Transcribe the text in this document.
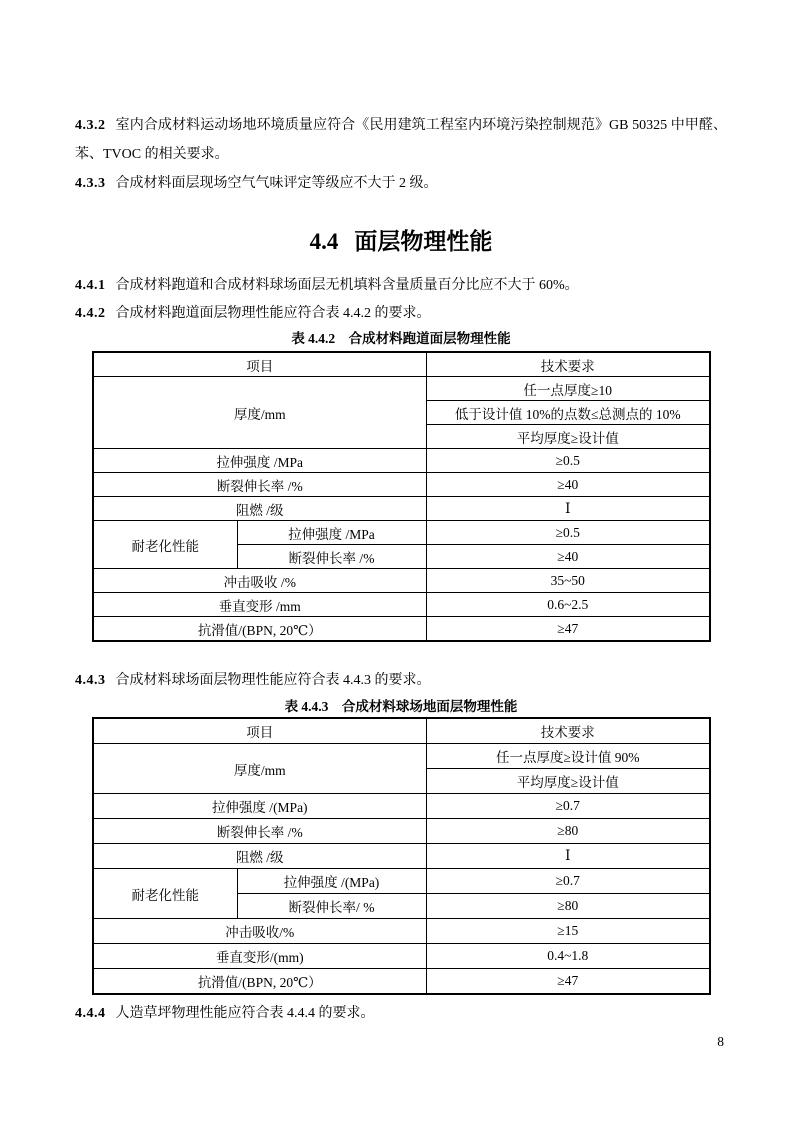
4.3.2 室内合成材料运动场地环境质量应符合《民用建筑工程室内环境污染控制规范》GB 50325 中甲醛、苯、TVOC 的相关要求。
4.3.3 合成材料面层现场空气气味评定等级应不大于 2 级。
4.4 面层物理性能
4.4.1 合成材料跑道和合成材料球场面层无机填料含量质量百分比应不大于 60%。
4.4.2 合成材料跑道面层物理性能应符合表 4.4.2 的要求。
表 4.4.2　合成材料跑道面层物理性能
项目		技术要求
厚度/mm		任一点厚度≥10
		低于设计值 10%的点数≤总测点的 10%
		平均厚度≥设计值
拉伸强度 /MPa		≥0.5
断裂伸长率 /%		≥40
阻燃 /级		Ⅰ
耐老化性能	拉伸强度 /MPa	≥0.5
	断裂伸长率 /%	≥40
冲击吸收 /%		35~50
垂直变形 /mm		0.6~2.5
抗滑值/(BPN, 20℃）		≥47
4.4.3 合成材料球场面层物理性能应符合表 4.4.3 的要求。
表 4.4.3　合成材料球场地面层物理性能
项目		技术要求
厚度/mm		任一点厚度≥设计值 90%
		平均厚度≥设计值
拉伸强度 /(MPa)		≥0.7
断裂伸长率 /%		≥80
阻燃 /级		Ⅰ
耐老化性能	拉伸强度 /(MPa)	≥0.7
	断裂伸长率/ %	≥80
冲击吸收/%		≥15
垂直变形/(mm)		0.4~1.8
抗滑值/(BPN, 20℃）		≥47
4.4.4 人造草坪物理性能应符合表 4.4.4 的要求。
8
